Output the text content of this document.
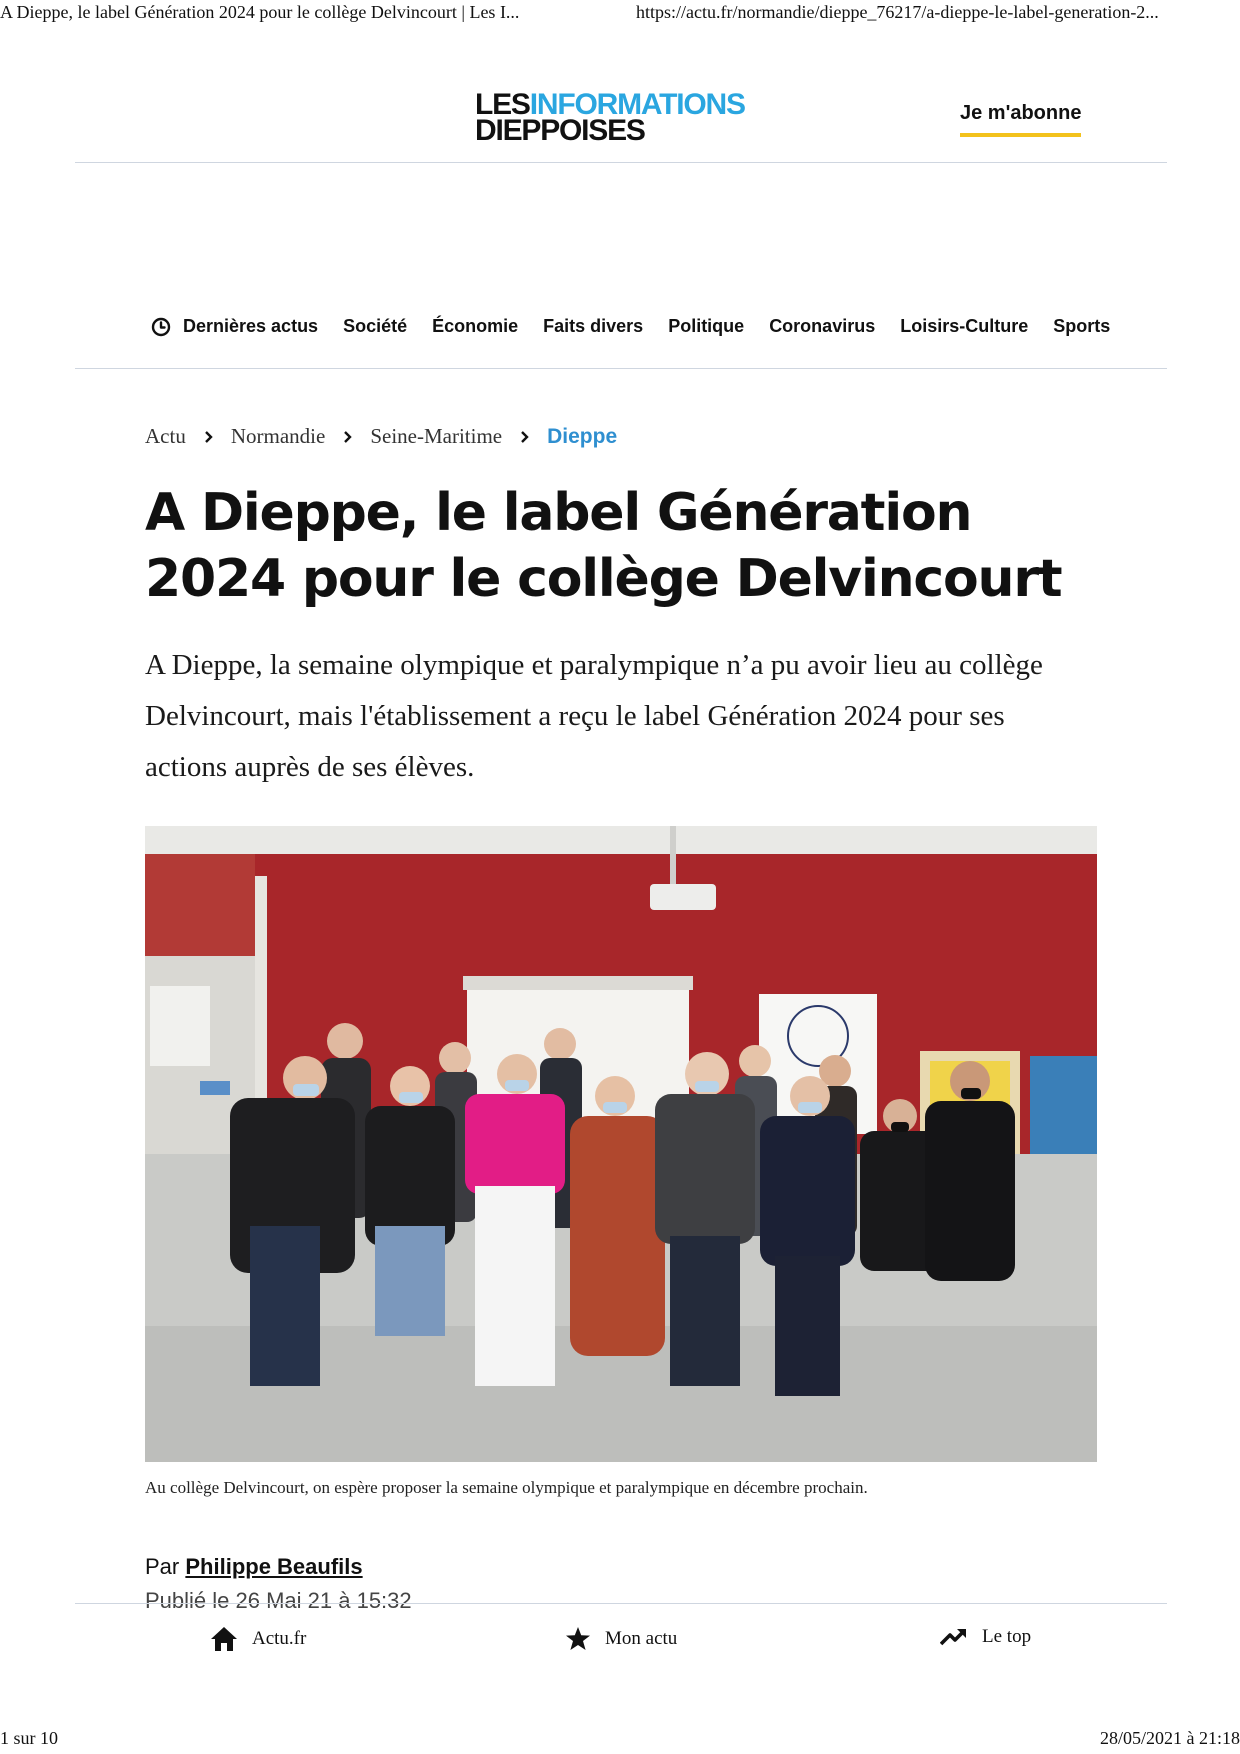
A Dieppe, le label Génération 2024 pour le collège Delvincourt | Les I...	https://actu.fr/normandie/dieppe_76217/a-dieppe-le-label-generation-2...
LESINFORMATIONS
DIEPPOISES
Je m'abonne
Dernières actus Société Économie Faits divers Politique Coronavirus Loisirs-Culture Sports
Actu Normandie Seine-Maritime Dieppe
A Dieppe, le label Génération 2024 pour le collège Delvincourt

A Dieppe, la semaine olympique et paralympique n’a pu avoir lieu au collège Delvincourt, mais l'établissement a reçu le label Génération 2024 pour ses actions auprès de ses élèves.

Au collège Delvincourt, on espère proposer la semaine olympique et paralympique en décembre prochain.
Par Philippe Beaufils
Publié le 26 Mai 21 à 15:32
Actu.fr	Mon actu	Le top
1 sur 10	28/05/2021 à 21:18
